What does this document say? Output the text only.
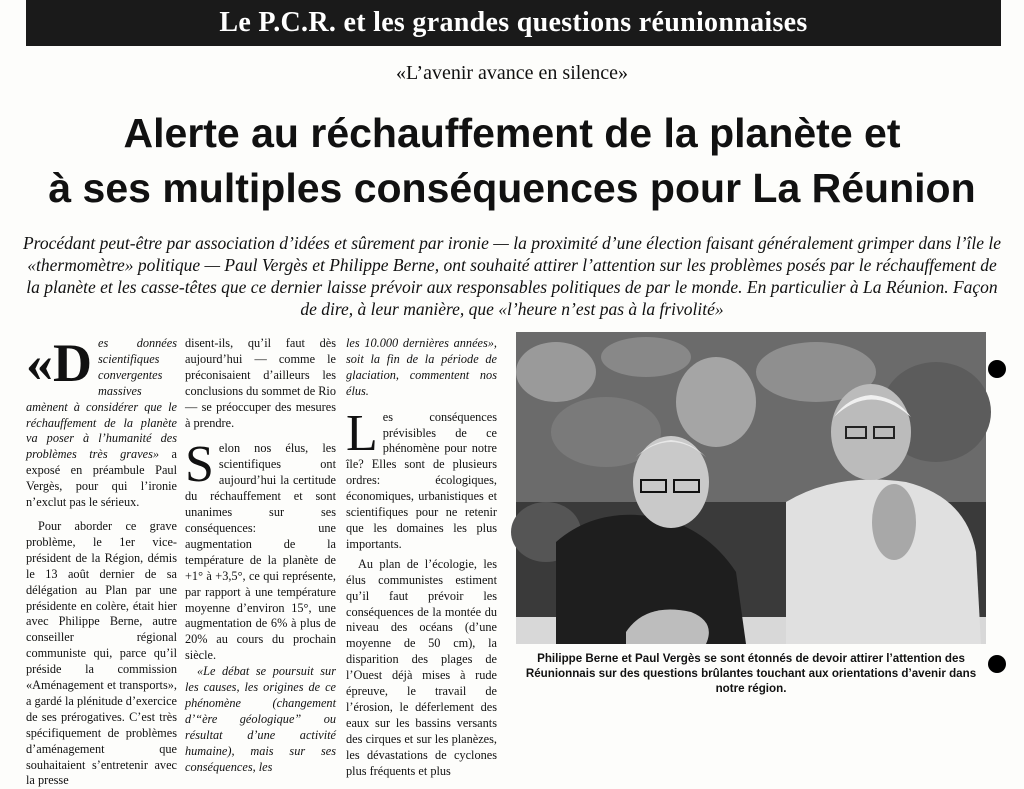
Le P.C.R. et les grandes questions réunionnaises
«L’avenir avance en silence»
Alerte au réchauffement de la planète et
à ses multiples conséquences pour La Réunion
Procédant peut-être par association d’idées et sûrement par ironie — la proximité d’une élection faisant généralement grimper dans l’île le «thermomètre» politique — Paul Vergès et Philippe Berne, ont souhaité attirer l’attention sur les problèmes posés par le réchauffement de la planète et les casse-têtes que ce dernier laisse prévoir aux responsables politiques de par le monde. En particulier à La Réunion. Façon de dire, à leur manière, que «l’heure n’est pas à la frivolité»

«D es données scientifiques convergentes massives amènent à considérer que le réchauffement de la planète va poser à l’humanité des problèmes très graves» a exposé en préambule Paul Vergès, pour qui l’ironie n’exclut pas le sérieux.

Pour aborder ce grave problème, le 1er vice-président de la Région, démis le 13 août dernier de sa délégation au Plan par une présidente en colère, était hier avec Philippe Berne, autre conseiller régional communiste qui, parce qu’il préside la commission «Aménagement et transports», a gardé la plénitude d’exercice de ses prérogatives. C’est très spécifiquement de problèmes d’aménagement que souhaitaient s’entretenir avec la presse

disent-ils, qu’il faut dès aujourd’hui — comme le préconisaient d’ailleurs les conclusions du sommet de Rio — se préoccuper des mesures à prendre.

Selon nos élus, les scientifiques ont aujourd’hui la certitude du réchauffement et sont unanimes sur ses conséquences: une augmentation de la température de la planète de +1° à +3,5°, ce qui représente, par rapport à une température moyenne d’environ 15°, une augmentation de 6% à plus de 20% au cours du prochain siècle.

«Le débat se poursuit sur les causes, les origines de ce phénomène (changement d’“ère géologique” ou résultat d’une activité humaine), mais sur ses conséquences, les

les 10.000 dernières années», soit la fin de la période de glaciation, commentent nos élus.

Les conséquences prévisibles de ce phénomène pour notre île? Elles sont de plusieurs ordres: écologiques, économiques, urbanistiques et scientifiques pour ne retenir que les domaines les plus importants.

Au plan de l’écologie, les élus communistes estiment qu’il faut prévoir les conséquences de la montée du niveau des océans (d’une moyenne de 50 cm), la disparition des plages de l’Ouest déjà mises à rude épreuve, le travail de l’érosion, le déferlement des eaux sur les bassins versants des cirques et sur les planèzes, les dévastations de cyclones plus fréquents et plus

Philippe Berne et Paul Vergès se sont étonnés de devoir attirer l’attention des Réunionnais sur des questions brûlantes touchant aux orientations d’avenir dans notre région.
